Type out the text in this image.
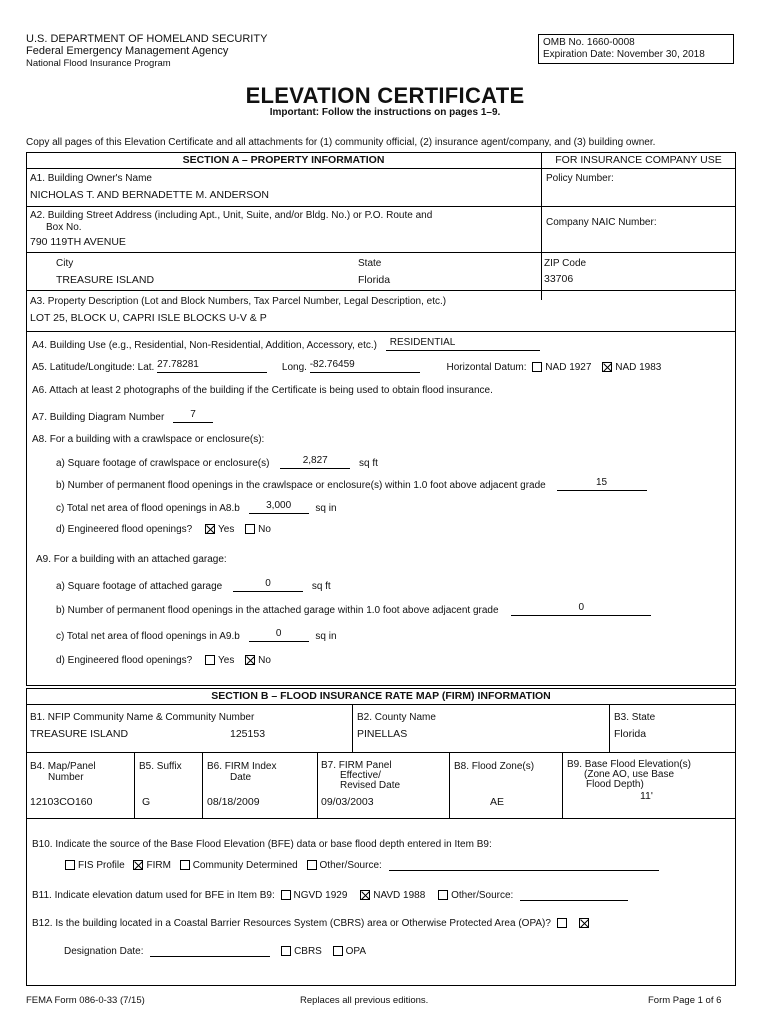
U.S. DEPARTMENT OF HOMELAND SECURITY
Federal Emergency Management Agency
National Flood Insurance Program
OMB No. 1660-0008
Expiration Date: November 30, 2018
ELEVATION CERTIFICATE
Important: Follow the instructions on pages 1–9.
Copy all pages of this Elevation Certificate and all attachments for (1) community official, (2) insurance agent/company, and (3) building owner.
SECTION A – PROPERTY INFORMATION	FOR INSURANCE COMPANY USE
A1. Building Owner's Name
NICHOLAS T. AND BERNADETTE M. ANDERSON
Policy Number:
A2. Building Street Address (including Apt., Unit, Suite, and/or Bldg. No.) or P.O. Route and
Box No.
790 119TH AVENUE
Company NAIC Number:
City
TREASURE ISLAND
State
Florida
ZIP Code
33706
A3. Property Description (Lot and Block Numbers, Tax Parcel Number, Legal Description, etc.)
LOT 25, BLOCK U, CAPRI ISLE BLOCKS U-V & P
A4. Building Use (e.g., Residential, Non-Residential, Addition, Accessory, etc.) RESIDENTIAL
A5. Latitude/Longitude: Lat. 27.78281	Long. -82.76459	Horizontal Datum: NAD 1927 NAD 1983
A6. Attach at least 2 photographs of the building if the Certificate is being used to obtain flood insurance.
A7. Building Diagram Number	7
A8. For a building with a crawlspace or enclosure(s):
a) Square footage of crawlspace or enclosure(s)	2,827	sq ft
b) Number of permanent flood openings in the crawlspace or enclosure(s) within 1.0 foot above adjacent grade	15
c) Total net area of flood openings in A8.b	3,000 sq in
d) Engineered flood openings?	Yes No
A9. For a building with an attached garage:
a) Square footage of attached garage	0	sq ft
b) Number of permanent flood openings in the attached garage within 1.0 foot above adjacent grade	0
c) Total net area of flood openings in A9.b	0	sq in
d) Engineered flood openings?	Yes No
SECTION B – FLOOD INSURANCE RATE MAP (FIRM) INFORMATION
B1. NFIP Community Name & Community Number
TREASURE ISLAND	125153
B2. County Name
PINELLAS
B3. State
Florida
B4. Map/Panel
Number
12103CO160
B5. Suffix
G
B6. FIRM Index
Date
08/18/2009
B7. FIRM Panel
Effective/
Revised Date
09/03/2003
B8. Flood Zone(s)
AE
B9. Base Flood Elevation(s)
(Zone AO, use Base
Flood Depth)
11'
B10. Indicate the source of the Base Flood Elevation (BFE) data or base flood depth entered in Item B9:
FIS Profile FIRM Community Determined Other/Source:
B11. Indicate elevation datum used for BFE in Item B9: NGVD 1929	NAVD 1988	Other/Source:
B12. Is the building located in a Coastal Barrier Resources System (CBRS) area or Otherwise Protected Area (OPA)?
Designation Date:	CBRS OPA
FEMA Form 086-0-33 (7/15)	Replaces all previous editions.	Form Page 1 of 6
